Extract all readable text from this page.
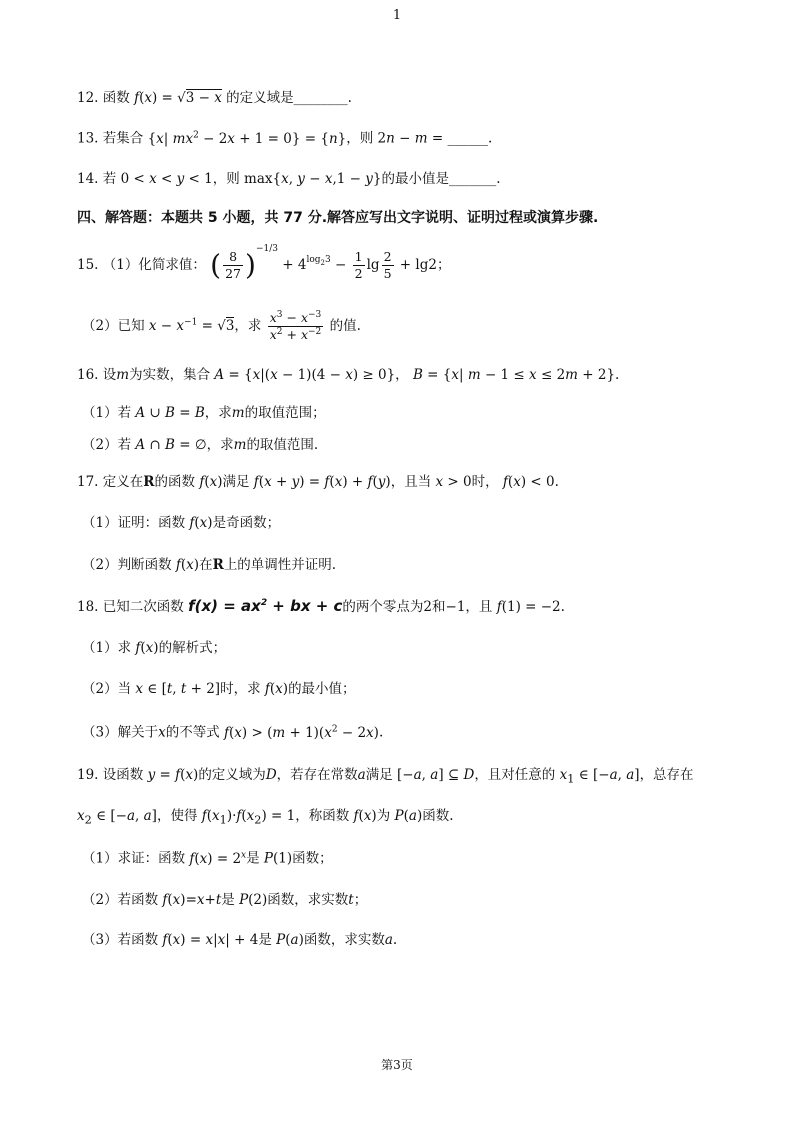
1
12. 函数 f(x) = √3 − x 的定义域是________.
13. 若集合 {x| $mx^2 - 2x + 1 = 0\} = \{n\}$，则 2n − m = ______.
14. 若 0 < x < y < 1，则 max{x, y − x,1 − y}的最小值是_______.
四、解答题：本题共 5 小题，共 77 分.解答应写出文字说明、证明过程或演算步骤.
15. （1）化简求值： ( $\frac{8}{27} )^{-1/3} + 4^{log_23} - \frac{1}{2}$ $\lg \frac{2}{5} + \lg 2$；
（2）已知 $x - x^{-1} = √3$，求 $\frac{x^3 - x^{-3}}{x^2 + x^{-2}}$ 的值.
16. 设m为实数，集合 A = {x|(x − 1)(4 − x) ≥ 0}， B = {x| m − 1 ≤ x ≤ 2m + 2}.
（1）若 A ∪ B = B，求m的取值范围；
（2）若 A ∩ B = ∅，求m的取值范围.
17. 定义在R的函数 f(x)满足 f(x + y) = f(x) + f(y)，且当 x > 0时， f(x) < 0.
（1）证明：函数 f(x)是奇函数；
（2）判断函数 f(x)在R上的单调性并证明.
18. 已知二次函数 $f(x) = ax^2$ + bx + c的两个零点为2和−1，且 f(1) = −2.
（1）求 f(x)的解析式；
（2）当 x ∈ [t, t + 2]时，求 f(x)的最小值；
（3）解关于x的不等式 $f(x) > (m + 1)(x^2 - 2x)$.
19. 设函数 y = f(x)的定义域为D，若存在常数a满足 [−a, a] ⊆ D，且对任意的 $x_1$ ∈ [−a, a]，总存在
$x_2$ ∈ [−a, a]，使得 $f(x_1)\cdot f(x_2) = 1$，称函数 f(x)为 P(a)函数.
（1）求证：函数 $f(x) = 2^x$是 P(1)函数；
（2）若函数 f(x)=x+t是 P(2)函数，求实数t；
（3）若函数 f(x) = x|x| + 4是 P(a)函数，求实数a.
第3页
